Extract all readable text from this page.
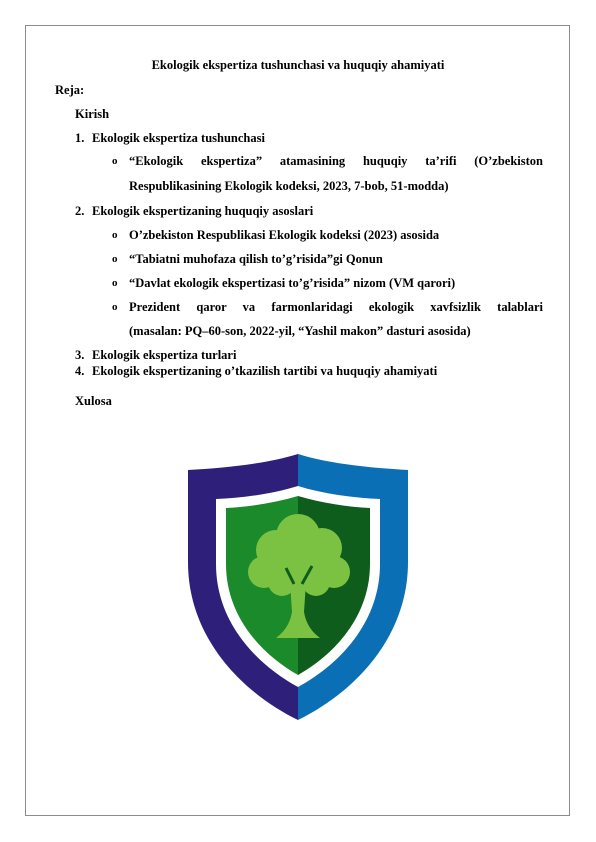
Ekologik ekspertiza tushunchasi va huquqiy ahamiyati
Reja:
Kirish
1. Ekologik ekspertiza tushunchasi
o “Ekologik ekspertiza” atamasining huquqiy ta’rifi (O’zbekiston
Respublikasining Ekologik kodeksi, 2023, 7-bob, 51-modda)
2. Ekologik ekspertizaning huquqiy asoslari
o O’zbekiston Respublikasi Ekologik kodeksi (2023) asosida
o “Tabiatni muhofaza qilish to’g’risida”gi Qonun
o “Davlat ekologik ekspertizasi to’g’risida” nizom (VM qarori)
o Prezident qaror va farmonlaridagi ekologik xavfsizlik talablari
(masalan: PQ–60-son, 2022-yil, “Yashil makon” dasturi asosida)
3. Ekologik ekspertiza turlari
4. Ekologik ekspertizaning o’tkazilish tartibi va huquqiy ahamiyati
Xulosa
